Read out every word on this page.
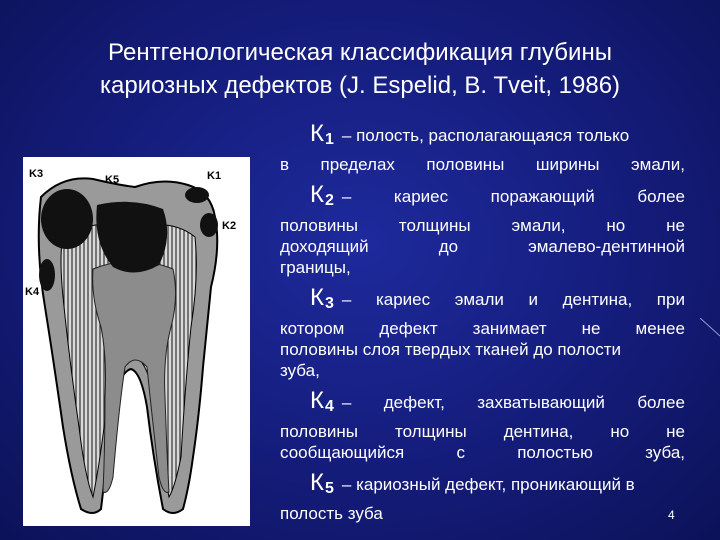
Рентгенологическая классификация глубины
кариозных дефектов (J. Espelid, B. Tveit, 1986)
K3	K5	K1
K2
K4
$К_1$ – полость, располагающаяся только
в пределах половины ширины эмали,
$К_2$ –	кариес	поражающий	более
половины толщины эмали, но не
доходящий	до	эмалево-дентинной
границы,
$К_3$ – кариес эмали и дентина, при
котором дефект занимает не менее
половины слоя твердых тканей до полости
зуба,
$К_4$ – дефект, захватывающий более
половины толщины дентина, но не
сообщающийся	с	полостью	зуба,
$К_5$ – кариозный дефект, проникающий в
полость зуба	4
